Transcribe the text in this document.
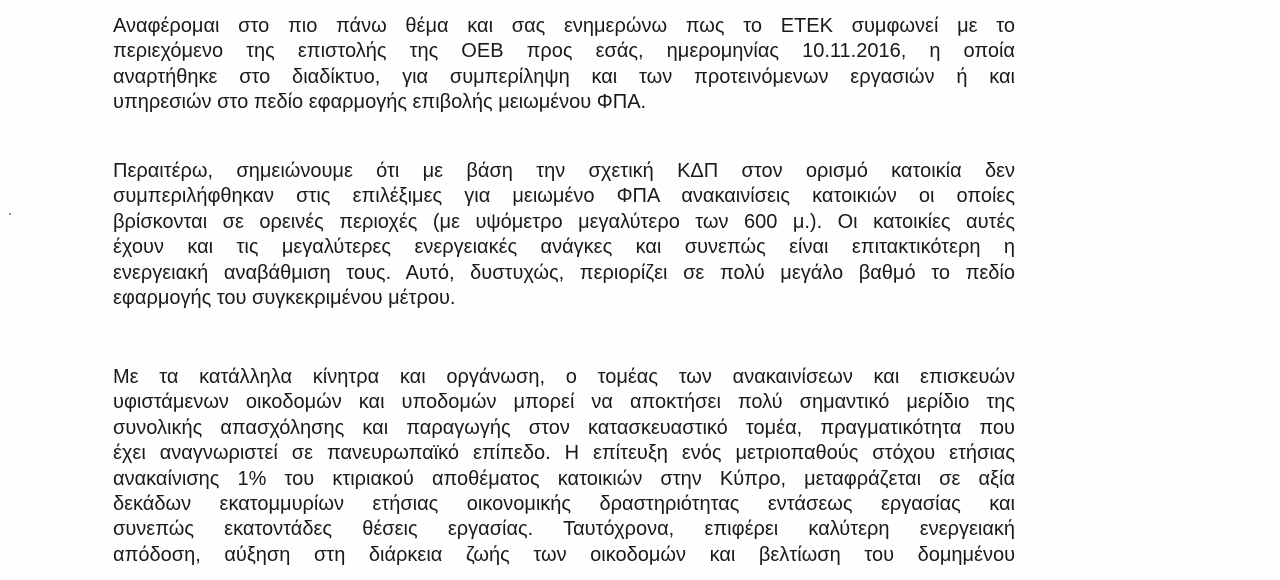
Αναφέρομαι στο πιο πάνω θέμα και σας ενημερώνω πως το ΕΤΕΚ συμφωνεί με το
περιεχόμενο της επιστολής της ΟΕΒ προς εσάς, ημερομηνίας 10.11.2016, η οποία
αναρτήθηκε στο διαδίκτυο, για συμπερίληψη και των προτεινόμενων εργασιών ή και
υπηρεσιών στο πεδίο εφαρμογής επιβολής μειωμένου ΦΠΑ.
Περαιτέρω, σημειώνουμε ότι με βάση την σχετική ΚΔΠ στον ορισμό κατοικία δεν
συμπεριλήφθηκαν στις επιλέξιμες για μειωμένο ΦΠΑ ανακαινίσεις κατοικιών οι οποίες
βρίσκονται σε ορεινές περιοχές (με υψόμετρο μεγαλύτερο των 600 μ.). Οι κατοικίες αυτές
έχουν και τις μεγαλύτερες ενεργειακές ανάγκες και συνεπώς είναι επιτακτικότερη η
ενεργειακή αναβάθμιση τους. Αυτό, δυστυχώς, περιορίζει σε πολύ μεγάλο βαθμό το πεδίο
εφαρμογής του συγκεκριμένου μέτρου.
Με τα κατάλληλα κίνητρα και οργάνωση, ο τομέας των ανακαινίσεων και επισκευών
υφιστάμενων οικοδομών και υποδομών μπορεί να αποκτήσει πολύ σημαντικό μερίδιο της
συνολικής απασχόλησης και παραγωγής στον κατασκευαστικό τομέα, πραγματικότητα που
έχει αναγνωριστεί σε πανευρωπαϊκό επίπεδο. Η επίτευξη ενός μετριοπαθούς στόχου ετήσιας
ανακαίνισης 1% του κτιριακού αποθέματος κατοικιών στην Κύπρο, μεταφράζεται σε αξία
δεκάδων εκατομμυρίων ετήσιας οικονομικής δραστηριότητας εντάσεως εργασίας και
συνεπώς εκατοντάδες θέσεις εργασίας. Ταυτόχρονα, επιφέρει καλύτερη ενεργειακή
απόδοση, αύξηση στη διάρκεια ζωής των οικοδομών και βελτίωση του δομημένου
